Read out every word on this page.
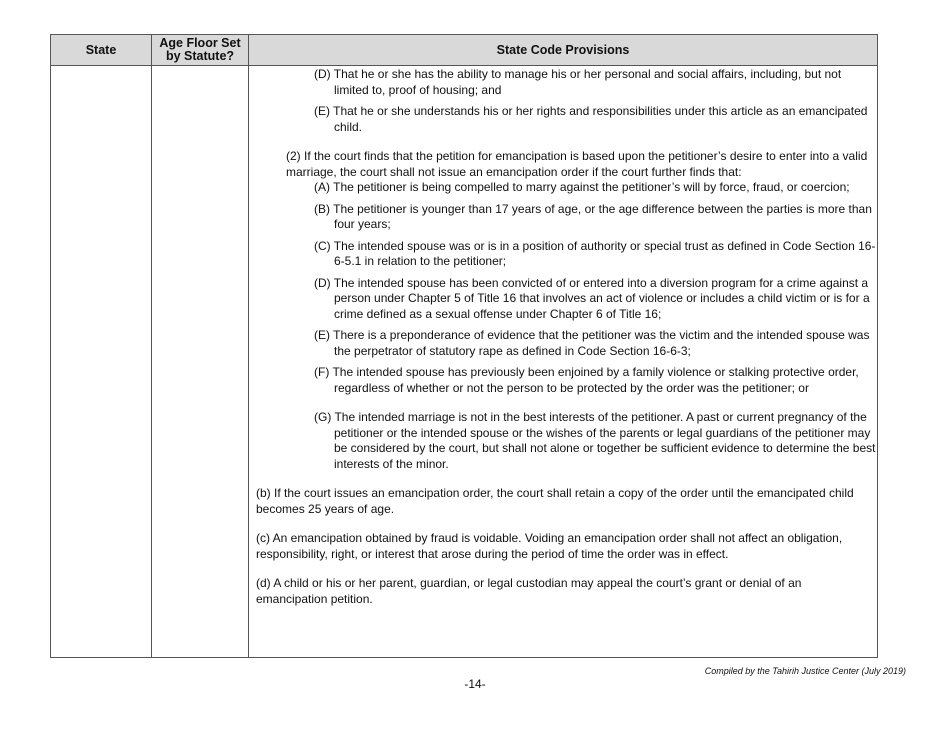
State	Age Floor Set by Statute?	State Code Provisions

(D) That he or she has the ability to manage his or her personal and social affairs, including, but not limited to, proof of housing; and

(E) That he or she understands his or her rights and responsibilities under this article as an emancipated child.

(2) If the court finds that the petition for emancipation is based upon the petitioner’s desire to enter into a valid marriage, the court shall not issue an emancipation order if the court further finds that:

(A) The petitioner is being compelled to marry against the petitioner’s will by force, fraud, or coercion;

(B) The petitioner is younger than 17 years of age, or the age difference between the parties is more than four years;

(C) The intended spouse was or is in a position of authority or special trust as defined in Code Section 16-6-5.1 in relation to the petitioner;

(D) The intended spouse has been convicted of or entered into a diversion program for a crime against a person under Chapter 5 of Title 16 that involves an act of violence or includes a child victim or is for a crime defined as a sexual offense under Chapter 6 of Title 16;

(E) There is a preponderance of evidence that the petitioner was the victim and the intended spouse was the perpetrator of statutory rape as defined in Code Section 16-6-3;

(F) The intended spouse has previously been enjoined by a family violence or stalking protective order, regardless of whether or not the person to be protected by the order was the petitioner; or

(G) The intended marriage is not in the best interests of the petitioner. A past or current pregnancy of the petitioner or the intended spouse or the wishes of the parents or legal guardians of the petitioner may be considered by the court, but shall not alone or together be sufficient evidence to determine the best interests of the minor.

(b) If the court issues an emancipation order, the court shall retain a copy of the order until the emancipated child becomes 25 years of age.

(c) An emancipation obtained by fraud is voidable. Voiding an emancipation order shall not affect an obligation, responsibility, right, or interest that arose during the period of time the order was in effect.

(d) A child or his or her parent, guardian, or legal custodian may appeal the court’s grant or denial of an emancipation petition.

Compiled by the Tahirih Justice Center (July 2019)
-14-
